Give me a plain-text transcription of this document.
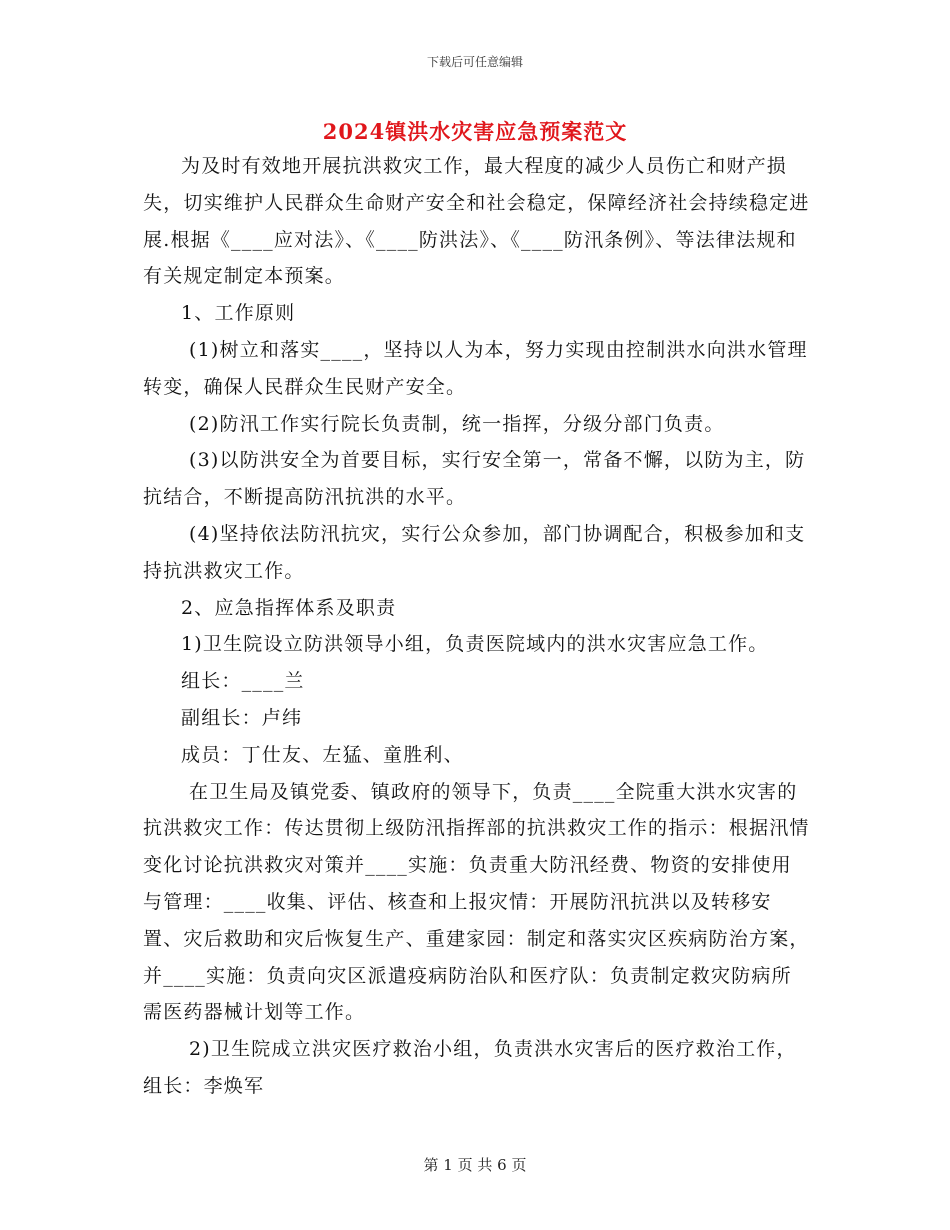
下载后可任意编辑
2024镇洪水灾害应急预案范文

为及时有效地开展抗洪救灾工作，最大程度的减少人员伤亡和财产损失，切实维护人民群众生命财产安全和社会稳定，保障经济社会持续稳定进展.根据《____应对法》、《____防洪法》、《____防汛条例》、等法律法规和有关规定制定本预案。

1、工作原则

(1)树立和落实____，坚持以人为本，努力实现由控制洪水向洪水管理转变，确保人民群众生民财产安全。

(2)防汛工作实行院长负责制，统一指挥，分级分部门负责。

(3)以防洪安全为首要目标，实行安全第一，常备不懈，以防为主，防抗结合，不断提高防汛抗洪的水平。

(4)坚持依法防汛抗灾，实行公众参加，部门协调配合，积极参加和支持抗洪救灾工作。

2、应急指挥体系及职责

1)卫生院设立防洪领导小组，负责医院域内的洪水灾害应急工作。

组长：____兰

副组长：卢纬

成员：丁仕友、左猛、童胜利、

在卫生局及镇党委、镇政府的领导下，负责____全院重大洪水灾害的抗洪救灾工作：传达贯彻上级防汛指挥部的抗洪救灾工作的指示：根据汛情变化讨论抗洪救灾对策并____实施：负责重大防汛经费、物资的安排使用与管理：____收集、评估、核查和上报灾情：开展防汛抗洪以及转移安置、灾后救助和灾后恢复生产、重建家园：制定和落实灾区疾病防治方案，并____实施：负责向灾区派遣疫病防治队和医疗队：负责制定救灾防病所需医药器械计划等工作。

2)卫生院成立洪灾医疗救治小组，负责洪水灾害后的医疗救治工作，组长：李焕军

第 1 页 共 6 页
